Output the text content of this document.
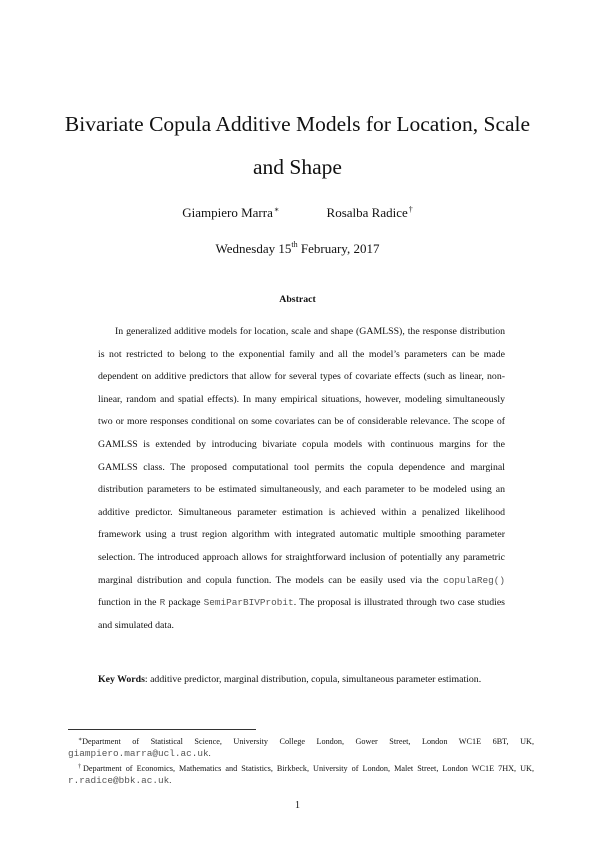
Bivariate Copula Additive Models for Location, Scale and Shape
Giampiero Marra∗	Rosalba Radice†
Wednesday 15th February, 2017
Abstract

In generalized additive models for location, scale and shape (GAMLSS), the response distribution is not restricted to belong to the exponential family and all the model’s parameters can be made dependent on additive predictors that allow for several types of covariate effects (such as linear, non-linear, random and spatial effects). In many empirical situations, however, modeling simultaneously two or more responses conditional on some covariates can be of considerable relevance. The scope of GAMLSS is extended by introducing bivariate copula models with continuous margins for the GAMLSS class. The proposed computational tool permits the copula dependence and marginal distribution parameters to be estimated simultaneously, and each parameter to be modeled using an additive predictor. Simultaneous parameter estimation is achieved within a penalized likelihood framework using a trust region algorithm with integrated automatic multiple smoothing parameter selection. The introduced approach allows for straightforward inclusion of potentially any parametric marginal distribution and copula function. The models can be easily used via the copulaReg() function in the R package SemiParBIVProbit. The proposal is illustrated through two case studies and simulated data.

Key Words: additive predictor, marginal distribution, copula, simultaneous parameter estimation.

∗Department of Statistical Science, University College London, Gower Street, London WC1E 6BT, UK, giampiero.marra@ucl.ac.uk.

†Department of Economics, Mathematics and Statistics, Birkbeck, University of London, Malet Street, London WC1E 7HX, UK, r.radice@bbk.ac.uk.

1
